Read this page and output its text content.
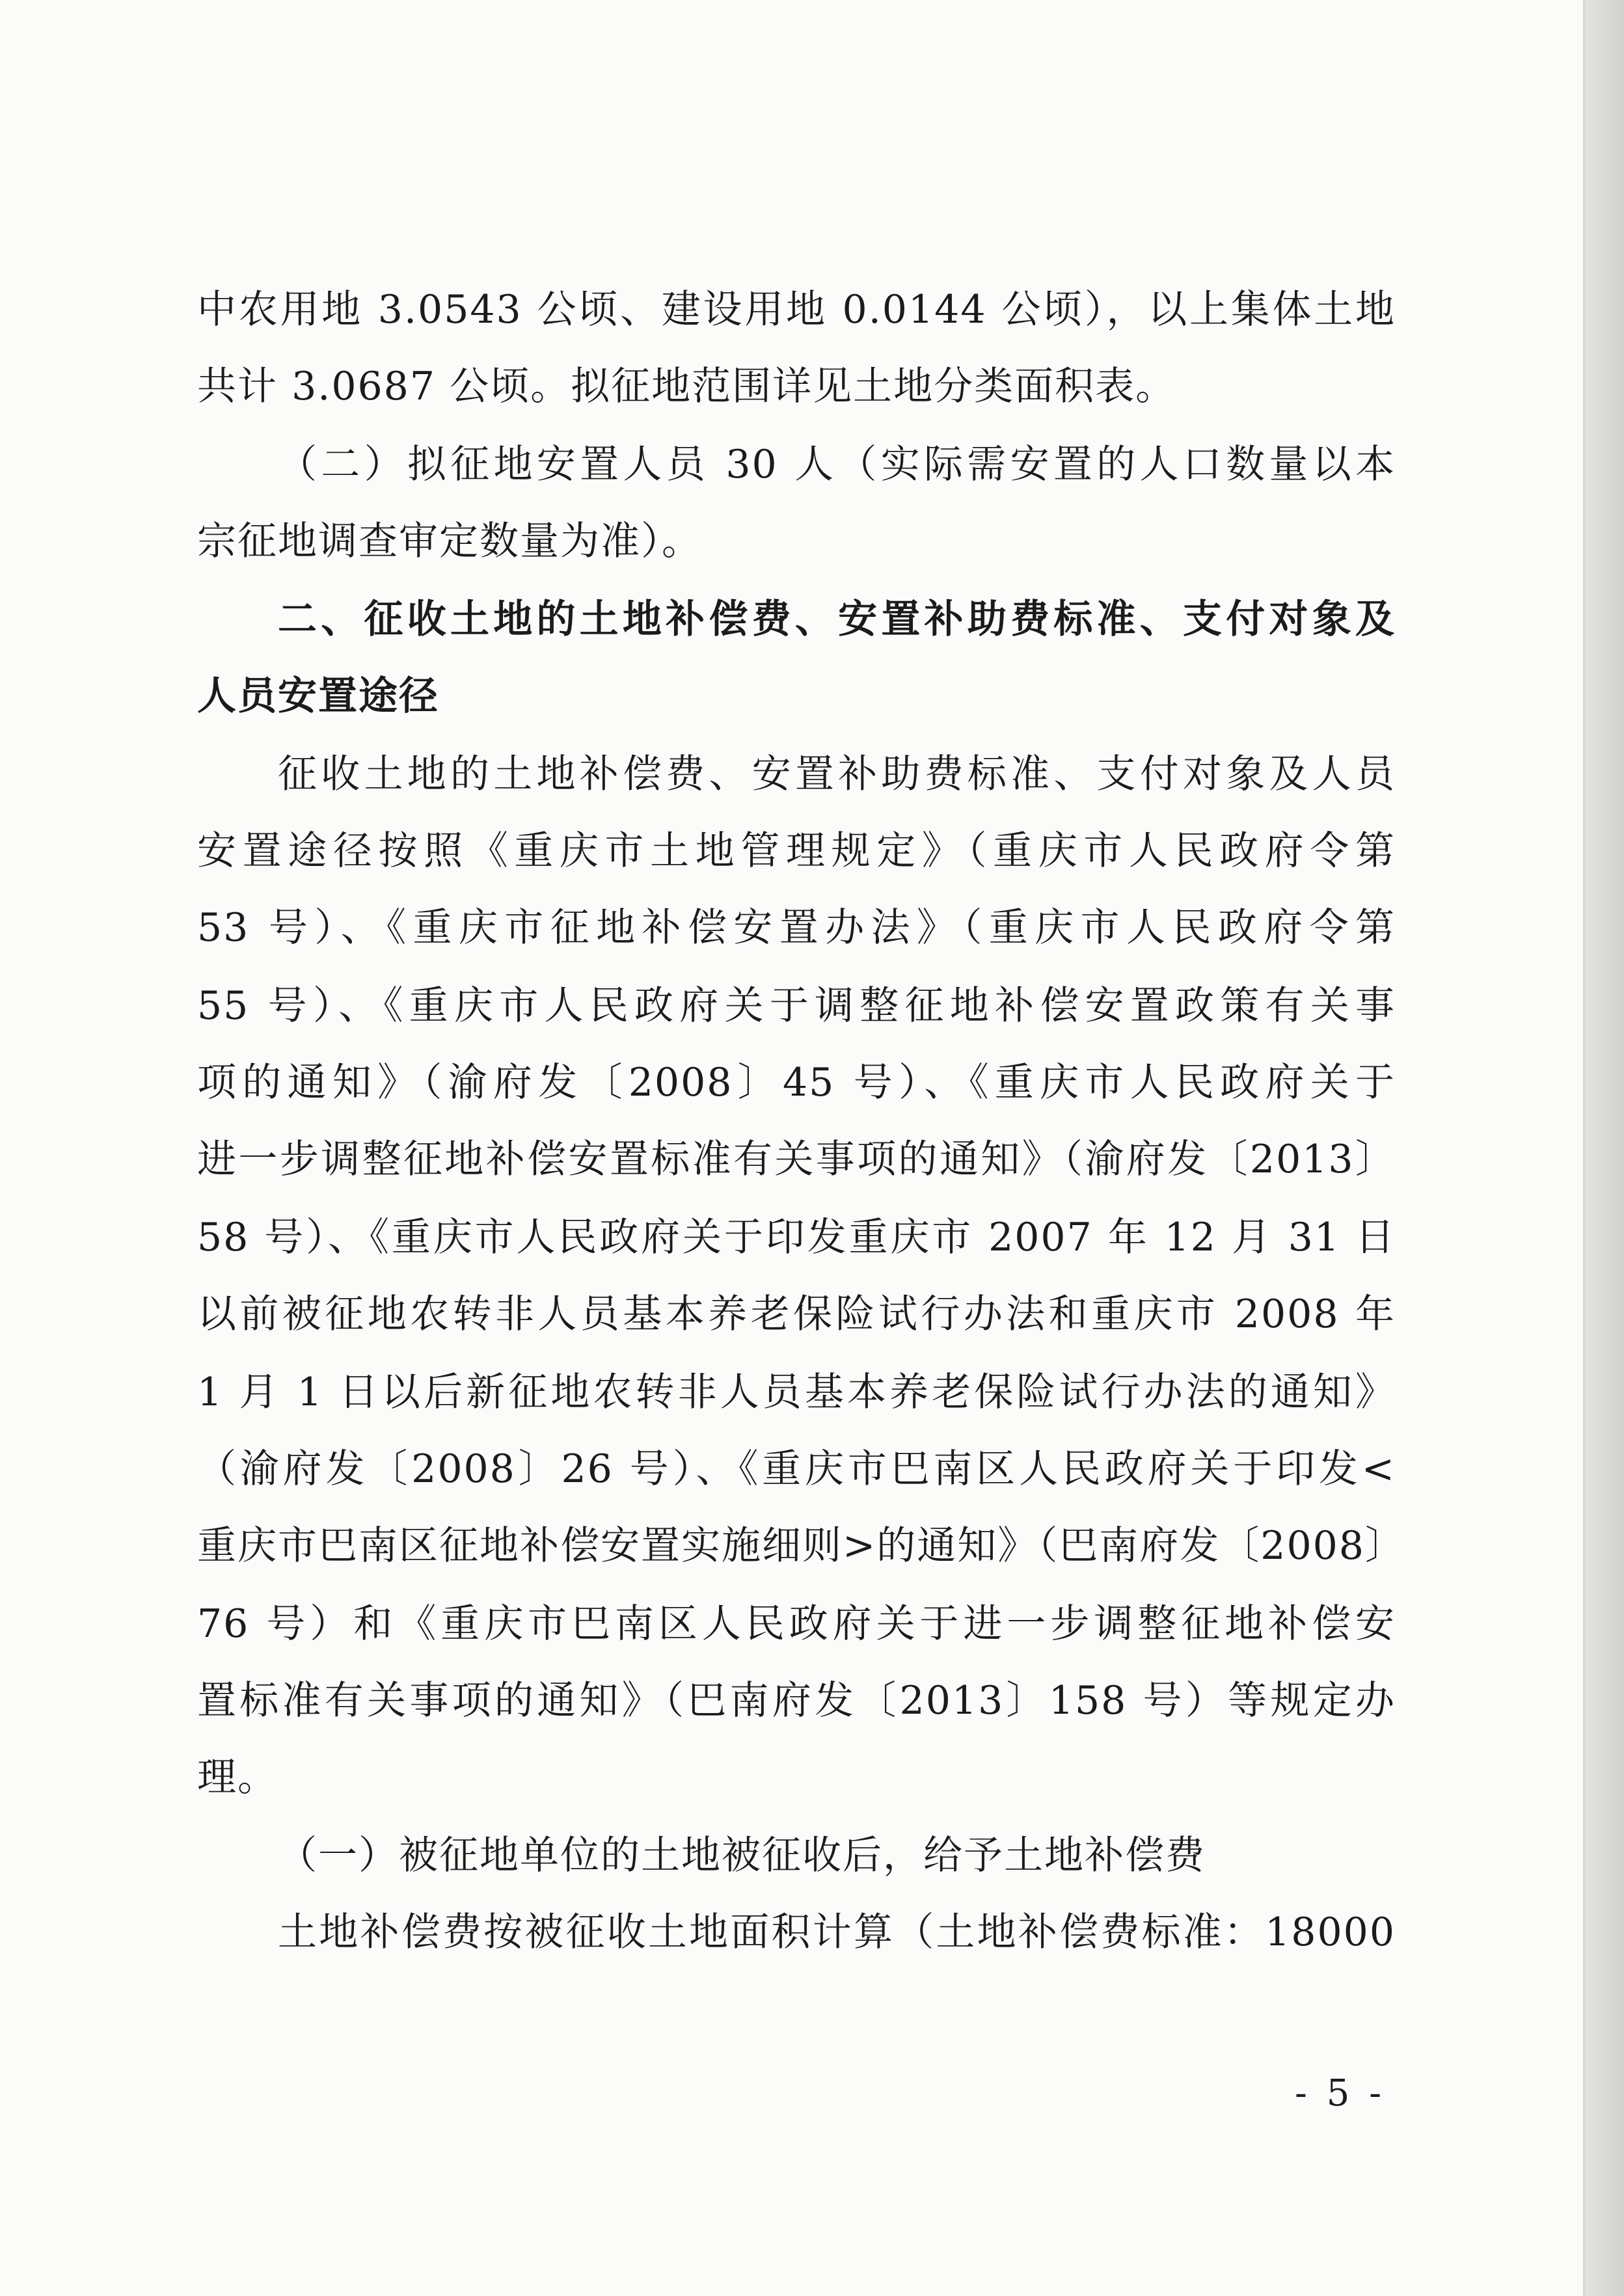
中农用地 3.0543 公顷、建设用地 0.0144 公顷），以上集体土地
共计 3.0687 公顷。拟征地范围详见土地分类面积表。
（二）拟征地安置人员 30 人（实际需安置的人口数量以本
宗征地调查审定数量为准）。
二、征收土地的土地补偿费、安置补助费标准、支付对象及
人员安置途径
征收土地的土地补偿费、安置补助费标准、支付对象及人员
安置途径按照《重庆市土地管理规定》（重庆市人民政府令第
53 号）、《重庆市征地补偿安置办法》（重庆市人民政府令第
55 号）、《重庆市人民政府关于调整征地补偿安置政策有关事
项的通知》（渝府发〔2008〕45 号）、《重庆市人民政府关于
进一步调整征地补偿安置标准有关事项的通知》（渝府发〔2013〕
58 号）、《重庆市人民政府关于印发重庆市 2007 年 12 月 31 日
以前被征地农转非人员基本养老保险试行办法和重庆市 2008 年
1 月 1 日以后新征地农转非人员基本养老保险试行办法的通知》
（渝府发〔2008〕26 号）、《重庆市巴南区人民政府关于印发<
重庆市巴南区征地补偿安置实施细则>的通知》（巴南府发〔2008〕
76 号）和《重庆市巴南区人民政府关于进一步调整征地补偿安
置标准有关事项的通知》（巴南府发〔2013〕158 号）等规定办
理。
（一）被征地单位的土地被征收后，给予土地补偿费
土地补偿费按被征收土地面积计算（土地补偿费标准：18000
- 5 -
